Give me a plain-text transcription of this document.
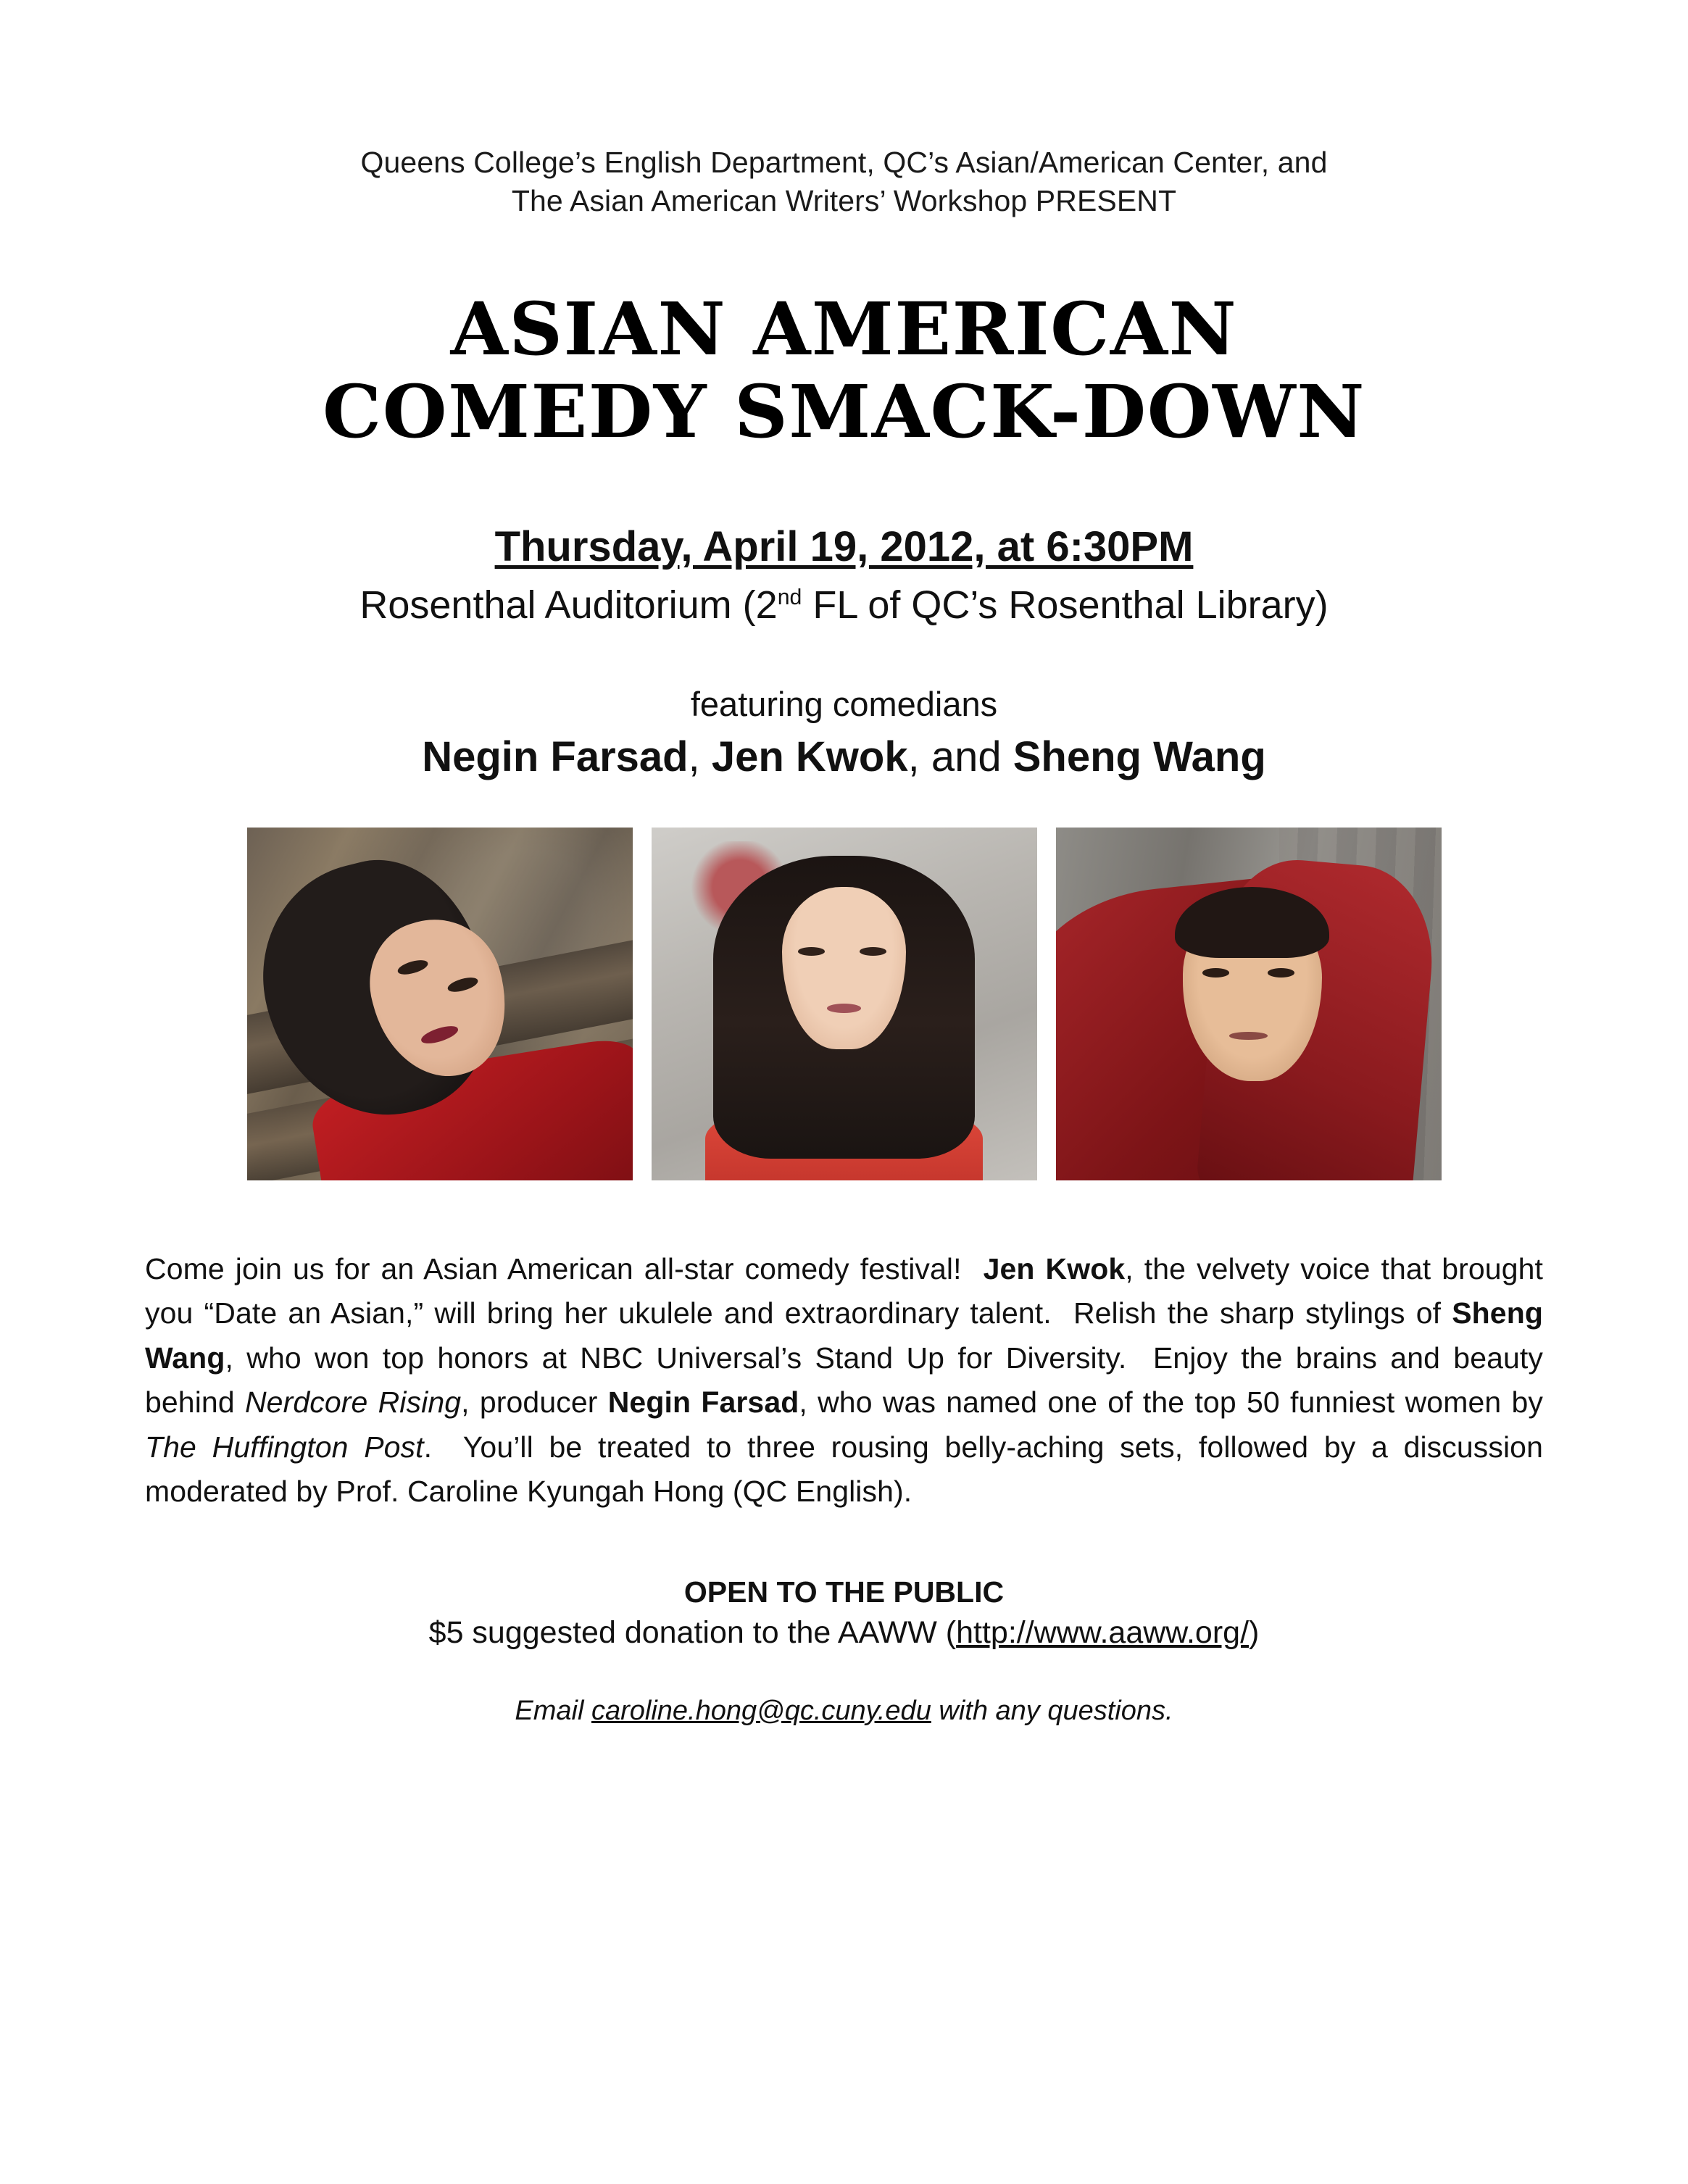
Queens College’s English Department, QC’s Asian/American Center, and
The Asian American Writers’ Workshop PRESENT
ASIAN AMERICAN
COMEDY SMACK-DOWN
Thursday, April 19, 2012, at 6:30PM
Rosenthal Auditorium (2nd FL of QC’s Rosenthal Library)
featuring comedians
Negin Farsad, Jen Kwok, and Sheng Wang
Come join us for an Asian American all-star comedy festival!  Jen Kwok, the velvety voice that brought you “Date an Asian,” will bring her ukulele and extraordinary talent.  Relish the sharp stylings of Sheng Wang, who won top honors at NBC Universal’s Stand Up for Diversity.  Enjoy the brains and beauty behind Nerdcore Rising, producer Negin Farsad, who was named one of the top 50 funniest women by The Huffington Post.  You’ll be treated to three rousing belly-aching sets, followed by a discussion moderated by Prof. Caroline Kyungah Hong (QC English).
OPEN TO THE PUBLIC
$5 suggested donation to the AAWW (http://www.aaww.org/)
Email caroline.hong@qc.cuny.edu with any questions.
